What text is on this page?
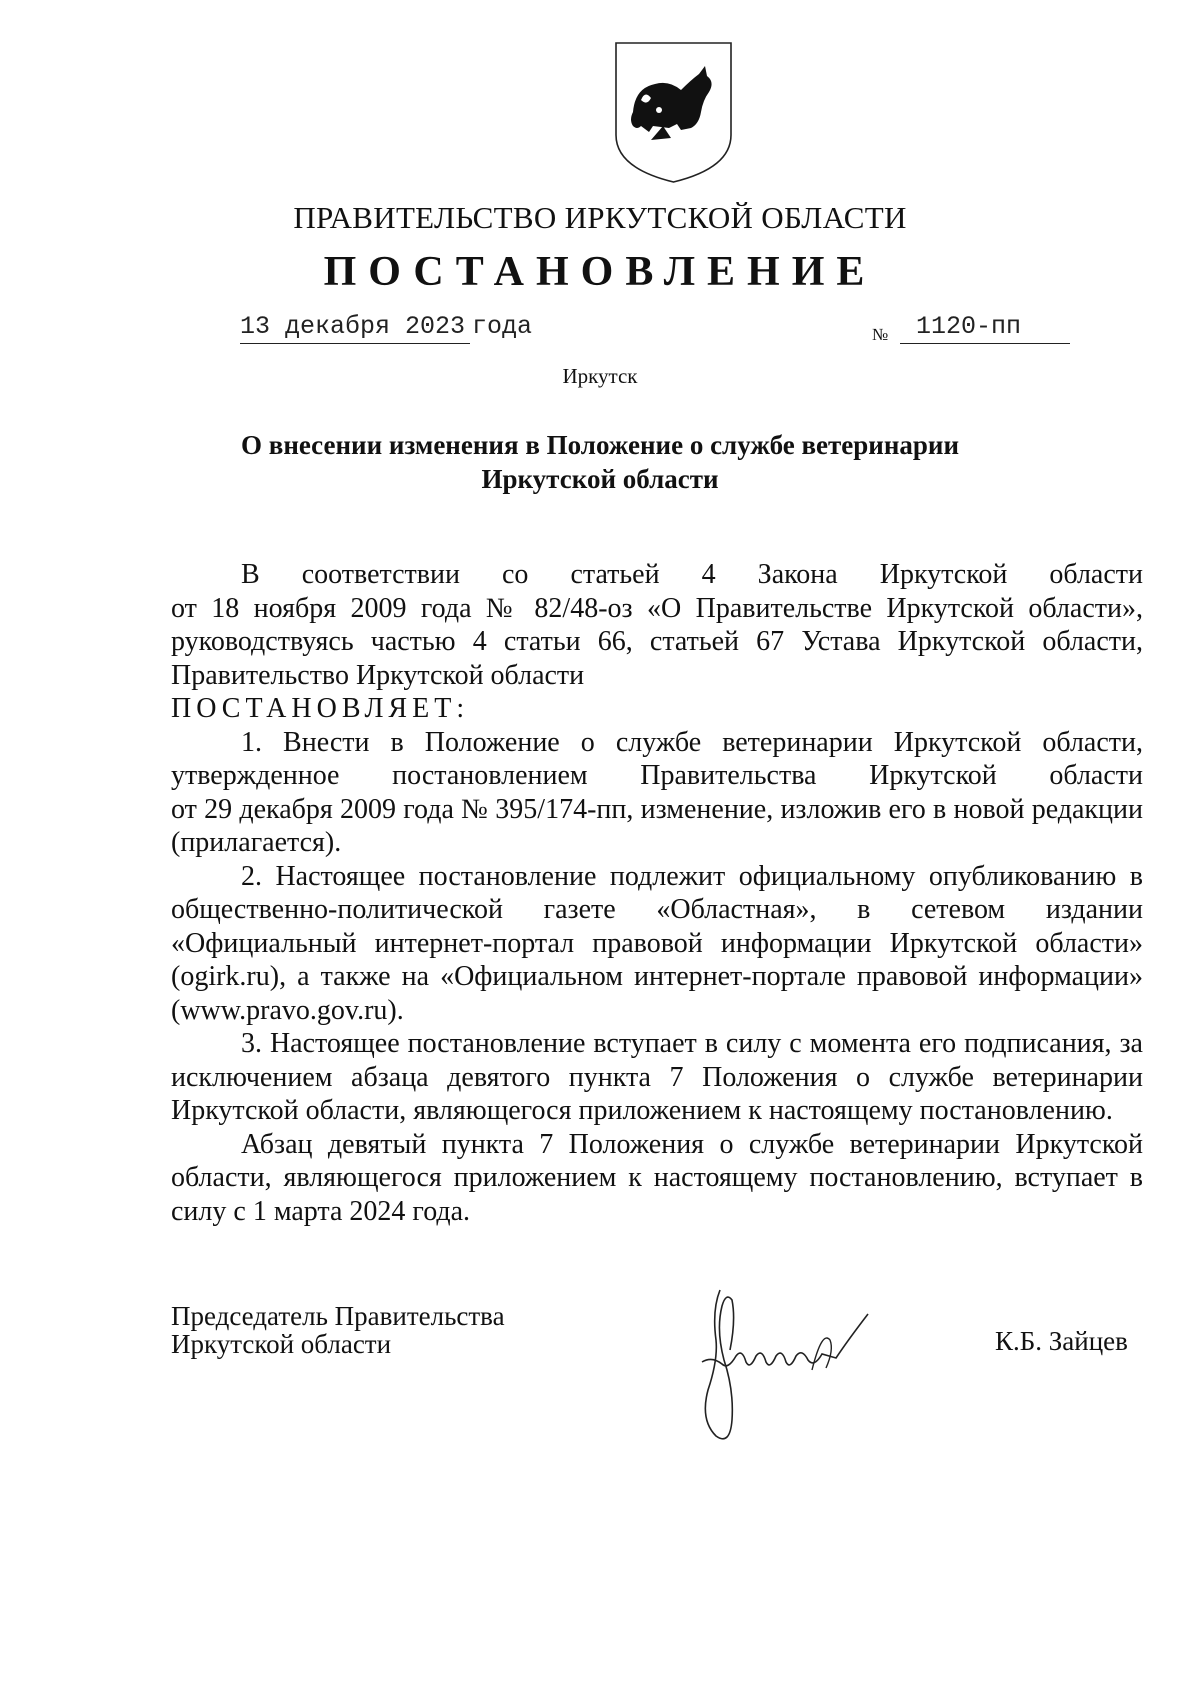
ПРАВИТЕЛЬСТВО ИРКУТСКОЙ ОБЛАСТИ
ПОСТАНОВЛЕНИЕ
13 декабря 2023 года	№	1120-пп
Иркутск
О внесении изменения в Положение о службе ветеринарии
Иркутской области

В соответствии со статьей 4 Закона Иркутской области

от 18 ноября 2009 года № 82/48-оз «О Правительстве Иркутской области»,

руководствуясь частью 4 статьи 66, статьей 67 Устава Иркутской области,

Правительство Иркутской области

ПОСТАНОВЛЯЕТ:

1. Внести в Положение о службе ветеринарии Иркутской области,

утвержденное постановлением Правительства Иркутской области

от 29 декабря 2009 года № 395/174-пп, изменение, изложив его в новой редакции

(прилагается).

2. Настоящее постановление подлежит официальному опубликованию в

общественно-политической газете «Областная», в сетевом издании

«Официальный интернет-портал правовой информации Иркутской области»

(ogirk.ru), а также на «Официальном интернет-портале правовой информации»

(www.pravo.gov.ru).

3. Настоящее постановление вступает в силу с момента его подписания, за

исключением абзаца девятого пункта 7 Положения о службе ветеринарии

Иркутской области, являющегося приложением к настоящему постановлению.

Абзац девятый пункта 7 Положения о службе ветеринарии Иркутской

области, являющегося приложением к настоящему постановлению, вступает в

силу с 1 марта 2024 года.

Председатель Правительства
Иркутской области	К.Б. Зайцев
